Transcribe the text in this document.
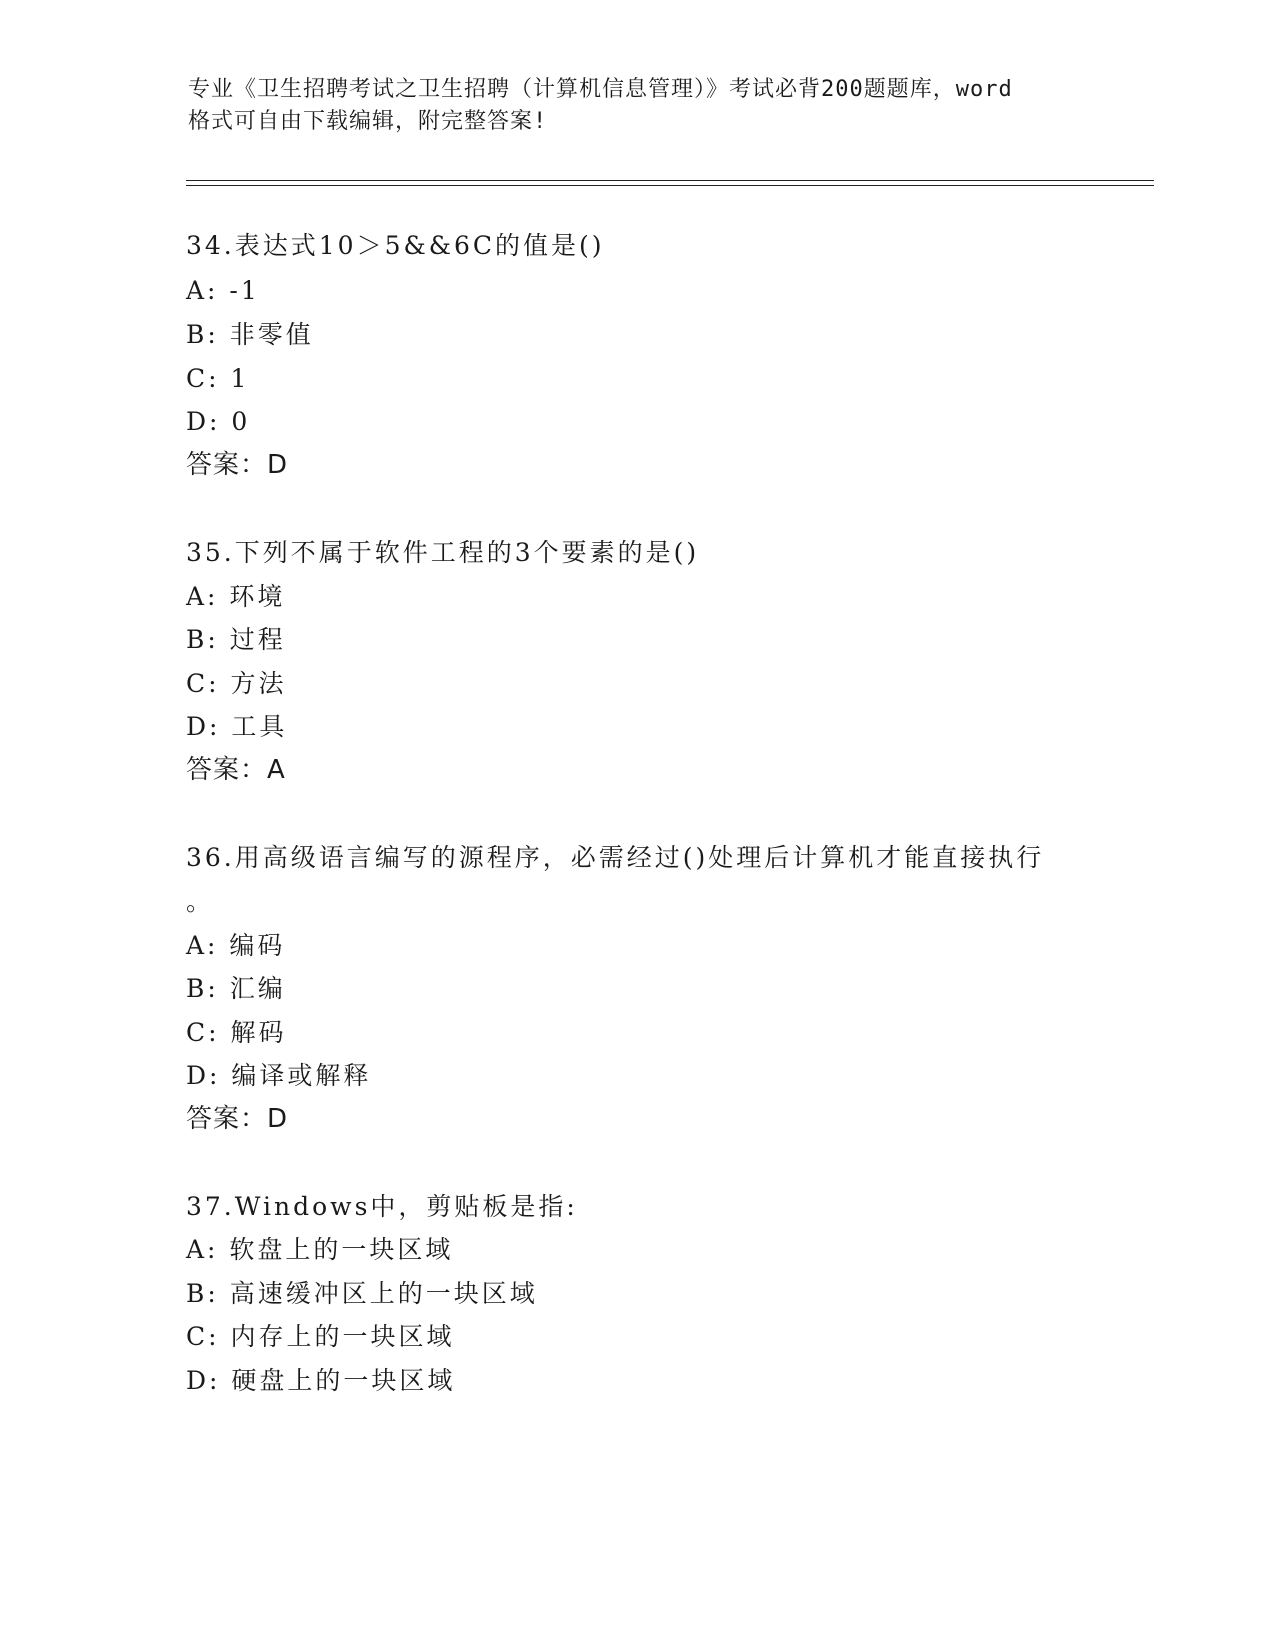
专业《卫生招聘考试之卫生招聘（计算机信息管理）》考试必背200题题库，word
格式可自由下载编辑，附完整答案!
34.表达式10＞5&&6C的值是()
A: -1
B: 非零值
C: 1
D: 0
答案：D
35.下列不属于软件工程的3个要素的是()
A: 环境
B: 过程
C: 方法
D: 工具
答案：A
36.用高级语言编写的源程序，必需经过()处理后计算机才能直接执行
。
A: 编码
B: 汇编
C: 解码
D: 编译或解释
答案：D
37.Windows中，剪贴板是指:
A: 软盘上的一块区域
B: 高速缓冲区上的一块区域
C: 内存上的一块区域
D: 硬盘上的一块区域
